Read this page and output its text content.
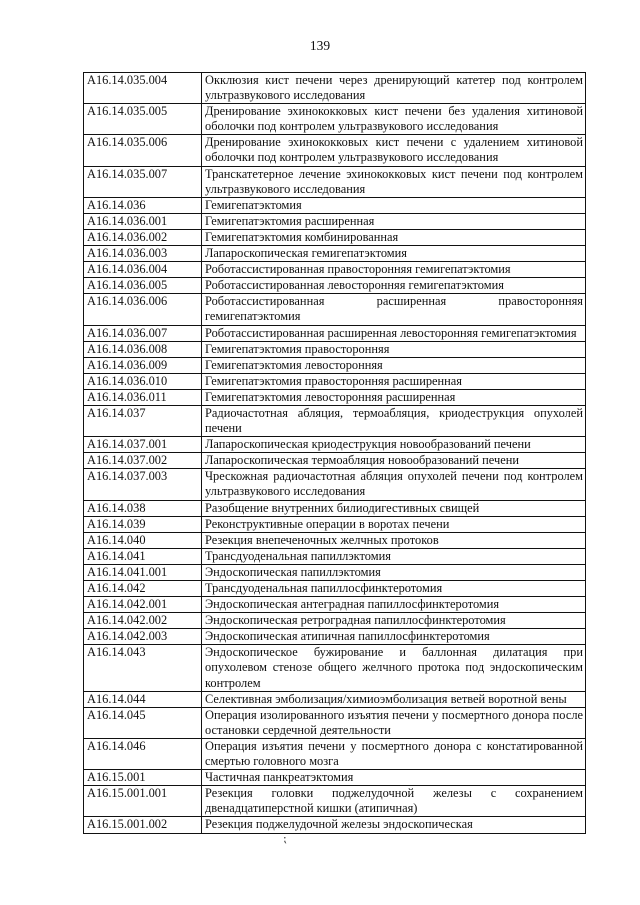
139
A16.14.035.004	Окклюзия кист печени через дренирующий катетер под контролем ультразвукового исследования
A16.14.035.005	Дренирование эхинококковых кист печени без удаления хитиновой оболочки под контролем ультразвукового исследования
A16.14.035.006	Дренирование эхинококковых кист печени с удалением хитиновой оболочки под контролем ультразвукового исследования
A16.14.035.007	Транскатетерное лечение эхинококковых кист печени под контролем ультразвукового исследования
A16.14.036	Гемигепатэктомия
A16.14.036.001	Гемигепатэктомия расширенная
A16.14.036.002	Гемигепатэктомия комбинированная
A16.14.036.003	Лапароскопическая гемигепатэктомия
A16.14.036.004	Роботассистированная правосторонняя гемигепатэктомия
A16.14.036.005	Роботассистированная левосторонняя гемигепатэктомия
A16.14.036.006	Роботассистированная расширенная правосторонняя гемигепатэктомия
A16.14.036.007	Роботассистированная расширенная левосторонняя гемигепатэктомия
A16.14.036.008	Гемигепатэктомия правосторонняя
A16.14.036.009	Гемигепатэктомия левосторонняя
A16.14.036.010	Гемигепатэктомия правосторонняя расширенная
A16.14.036.011	Гемигепатэктомия левосторонняя расширенная
A16.14.037	Радиочастотная абляция, термоабляция, криодеструкция опухолей печени
A16.14.037.001	Лапароскопическая криодеструкция новообразований печени
A16.14.037.002	Лапароскопическая термоабляция новообразований печени
A16.14.037.003	Чрескожная радиочастотная абляция опухолей печени под контролем ультразвукового исследования
A16.14.038	Разобщение внутренних билиодигестивных свищей
A16.14.039	Реконструктивные операции в воротах печени
A16.14.040	Резекция внепеченочных желчных протоков
A16.14.041	Трансдуоденальная папиллэктомия
A16.14.041.001	Эндоскопическая папиллэктомия
A16.14.042	Трансдуоденальная папиллосфинктеротомия
A16.14.042.001	Эндоскопическая антеградная папиллосфинктеротомия
A16.14.042.002	Эндоскопическая ретроградная папиллосфинктеротомия
A16.14.042.003	Эндоскопическая атипичная папиллосфинктеротомия
A16.14.043	Эндоскопическое бужирование и баллонная дилатация при опухолевом стенозе общего желчного протока под эндоскопическим контролем
A16.14.044	Селективная эмболизация/химиоэмболизация ветвей воротной вены
A16.14.045	Операция изолированного изъятия печени у посмертного донора после остановки сердечной деятельности
A16.14.046	Операция изъятия печени у посмертного донора с констатированной смертью головного мозга
A16.15.001	Частичная панкреатэктомия
A16.15.001.001	Резекция головки поджелудочной железы с сохранением двенадцатиперстной кишки (атипичная)
A16.15.001.002	Резекция поджелудочной железы эндоскопическая
⁏
